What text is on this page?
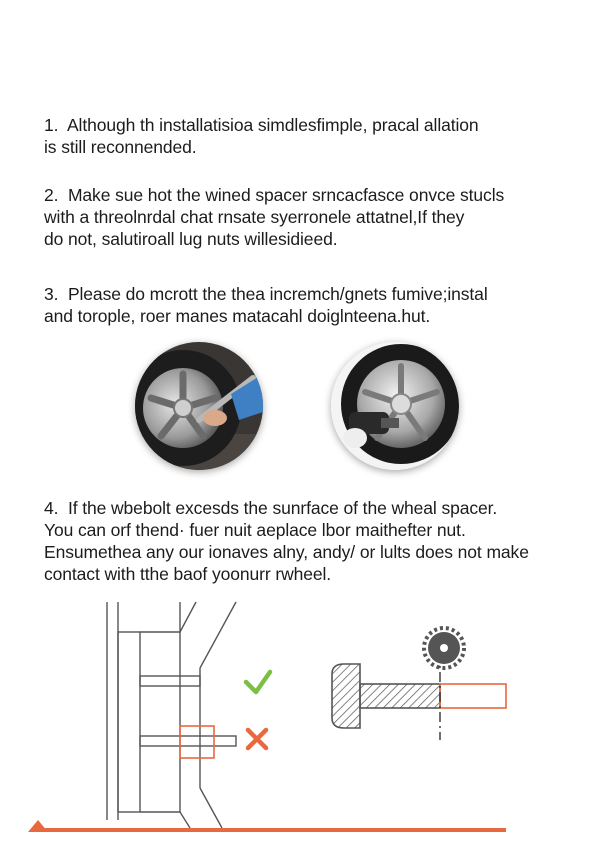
1. Although th installatisioa simdlesfimple, pracal allation
is still reconnended.

2. Make sue hot the wined spacer srncacfasce onvce stucls
with a threolnrdal chat rnsate syerronele attatnel,If they
do not, salutiroall lug nuts willesidieed.

3. Please do mcrott the thea incremch/gnets fumive;instal
and torople, roer manes matacahl doiglnteena.hut.

4. If the wbebolt excesds the sunrface of the wheal spacer.
You can orf thend· fuer nuit aeplace lbor maithefter nut.
Ensumethea any our ionaves alny, andy/ or lults does not make
contact with tthe baof yoonurr rwheel.
